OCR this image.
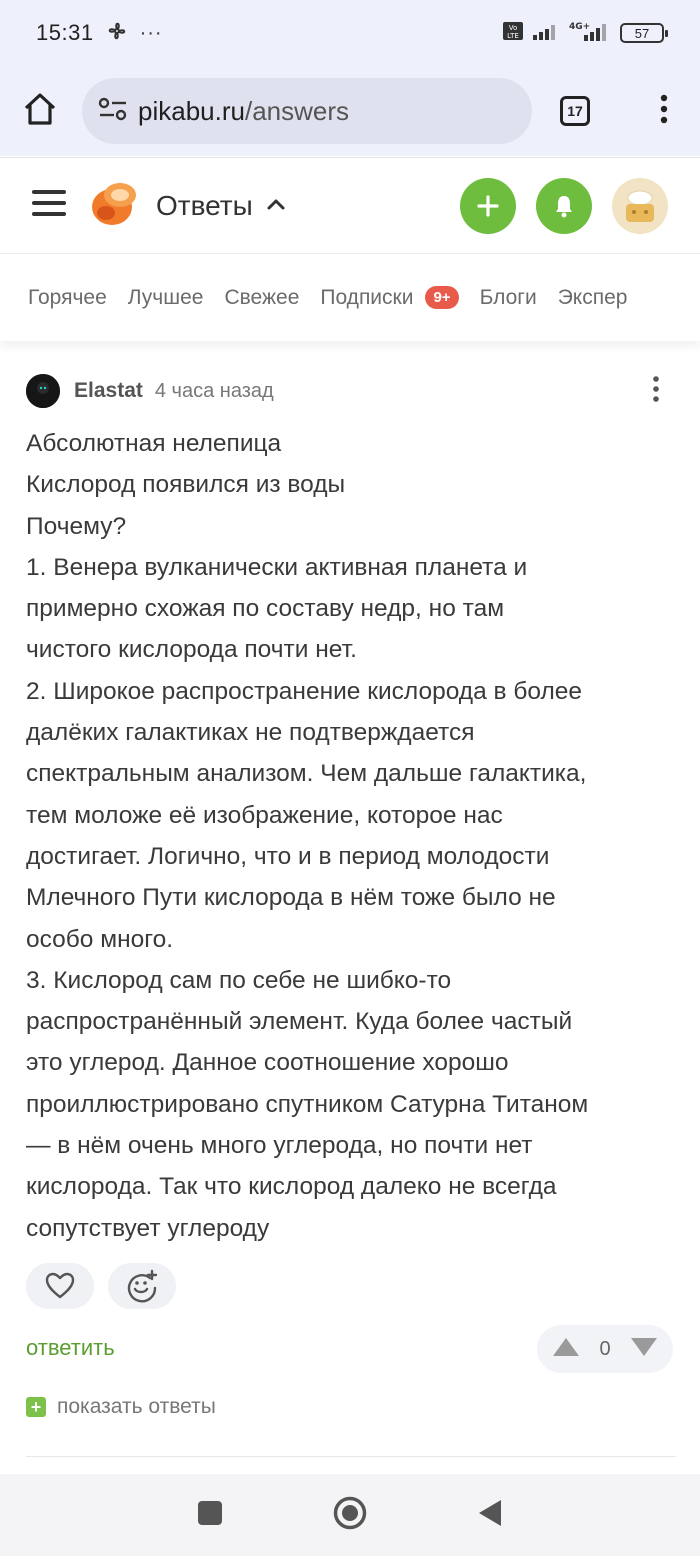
15:31 ···	Vo
LTE
4G+	57
pikabu.ru/answers	17
Ответы
Горячее Лучшее Свежее Подписки	9+	Блоги Экспер
Elastat 4 часа назад

Абсолютная нелепица

Кислород появился из воды

Почему?

1. Венера вулканически активная планета и

примерно схожая по составу недр, но там

чистого кислорода почти нет.

2. Широкое распространение кислорода в более

далёких галактиках не подтверждается

спектральным анализом. Чем дальше галактика,

тем моложе её изображение, которое нас

достигает. Логично, что и в период молодости

Млечного Пути кислорода в нём тоже было не

особо много.

3. Кислород сам по себе не шибко-то

распространённый элемент. Куда более частый

это углерод. Данное соотношение хорошо

проиллюстрировано спутником Сатурна Титаном

— в нём очень много углерода, но почти нет

кислорода. Так что кислород далеко не всегда

сопутствует углероду

ответить	0
+ показать ответы
